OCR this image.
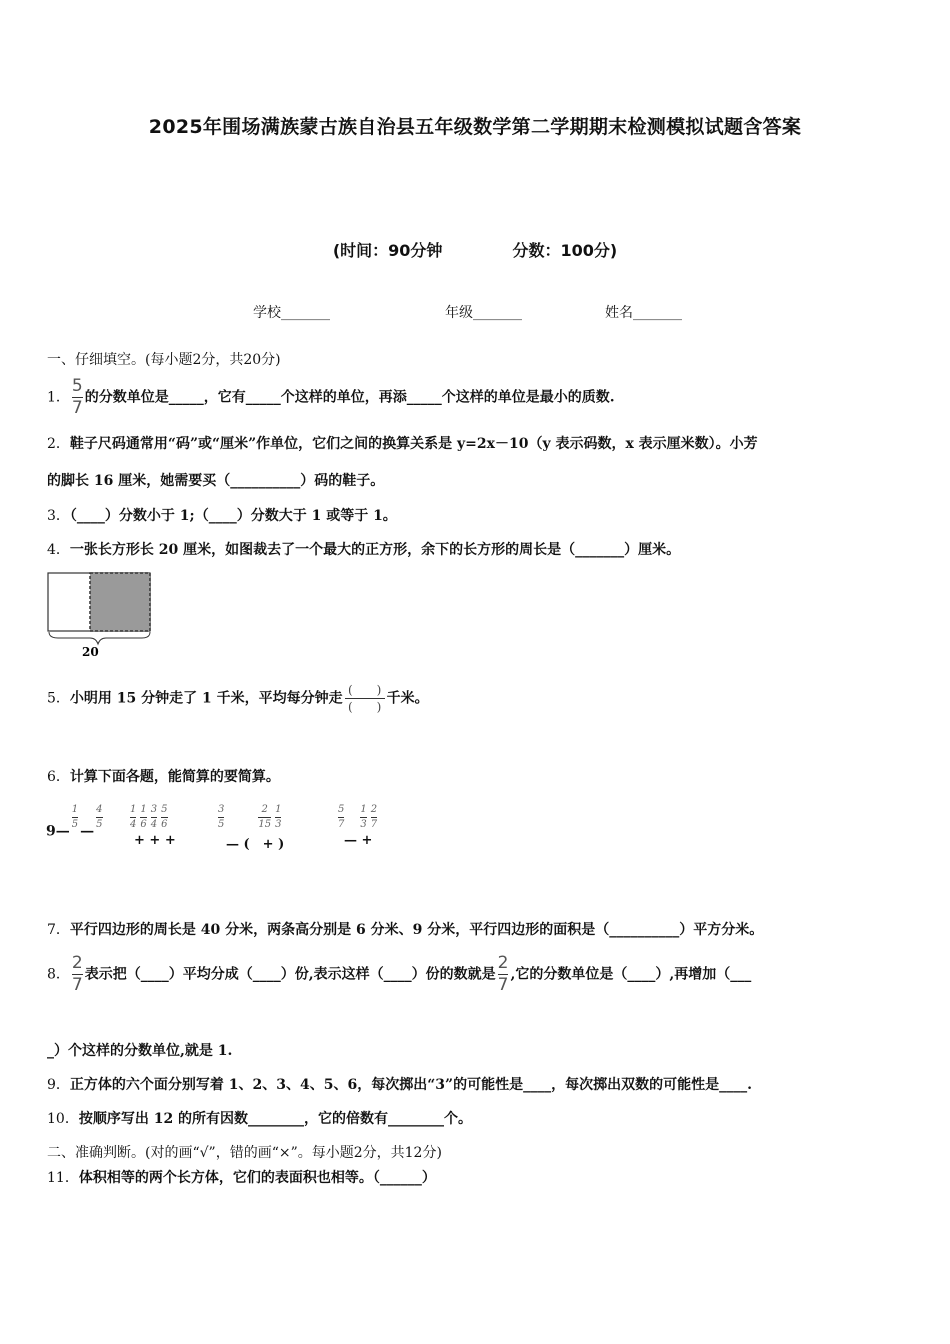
2025年围场满族蒙古族自治县五年级数学第二学期期末检测模拟试题含答案
(时间：90分钟	分数：100分)
学校_______	年级_______	姓名_______
一、仔细填空。(每小题2分，共20分)
1． $\frac{5}{7}$ 的分数单位是_____，它有_____个这样的单位，再添_____个这样的单位是最小的质数.
2．鞋子尺码通常用“码”或“厘米”作单位，它们之间的换算关系是 y=2x－10（y 表示码数，x 表示厘米数）。小芳
的脚长 16 厘米，她需要买（__________）码的鞋子。
3．（____）分数小于 1;（____）分数大于 1 或等于 1。
4．一张长方形长 20 厘米，如图裁去了一个最大的正方形，余下的长方形的周长是（_______）厘米。
20
5．小明用 15 分钟走了 1 千米，平均每分钟走 $\frac{( )}{( )}$ 千米。
6．计算下面各题，能简算的要简算。
9—
$\frac{1}{5}$
—
$\frac{4}{5}$	$\frac{1}{4} \frac{1}{6} \frac{3}{4} \frac{5}{6}$
+ + +
$\frac{3}{5}$	$\frac{2}{15} \frac{1}{3}$
— (　+ )
$\frac{5}{7} \frac{1}{3} \frac{2}{7}$
— +
7．平行四边形的周长是 40 分米，两条高分别是 6 分米、9 分米，平行四边形的面积是（__________）平方分米。
8． $\frac{2}{7}$ 表示把（____）平均分成（____）份,表示这样（____）份的数就是 $\frac{2}{7}$ ,它的分数单位是（____）,再增加（___
_）个这样的分数单位,就是 1.
9．正方体的六个面分别写着 1、2、3、4、5、6，每次掷出“3”的可能性是____，每次掷出双数的可能性是____.
10．按顺序写出 12 的所有因数________，它的倍数有________个。
二、准确判断。(对的画“√”，错的画“×”。每小题2分，共12分)
11．体积相等的两个长方体，它们的表面积也相等。（______）
